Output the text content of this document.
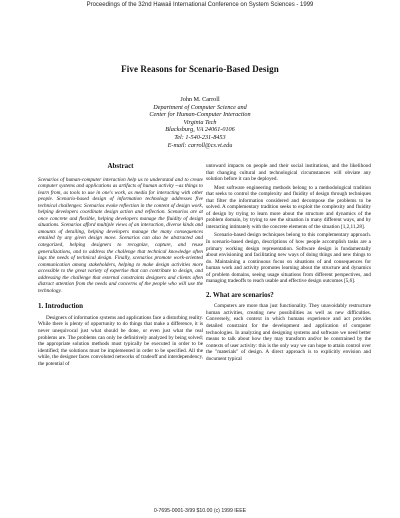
Proceedings of the 32nd Hawaii International Conference on System Sciences - 1999
Five Reasons for Scenario-Based Design
John M. Carroll
Department of Computer Science and
Center for Human-Computer Interaction
Virginia Tech
Blacksburg, VA 24061-0106
Tel: 1-540-231-8453
E-mail: carroll@cs.vt.edu
Abstract

Scenarios of human-computer interaction help us to understand and to create computer systems and applications as artifacts of human activity --as things to learn from, as tools to use in one's work, as media for interacting with other people. Scenario-based design of information technology addresses five technical challenges: Scenarios evoke reflection in the content of design work, helping developers coordinate design action and reflection. Scenarios are at once concrete and flexible, helping developers manage the fluidity of design situations. Scenarios afford multiple views of an interaction, diverse kinds and amounts of detailing, helping developers manage the many consequences entailed by any given design move. Scenarios can also be abstracted and categorized, helping designers to recognize, capture, and reuse generalizations, and to address the challenge that technical knowledge often lags the needs of technical design. Finally, scenarios promote work-oriented communication among stakeholders, helping to make design activities more accessible to the great variety of expertise that can contribute to design, and addressing the challenge that external constraints designers and clients often distract attention from the needs and concerns of the people who will use the technology.

1. Introduction

Designers of information systems and applications face a disturbing reality. While there is plenty of opportunity to do things that make a difference, it is never unequivocal just what should be done, or even just what the real problems are. The problems can only be definitively analyzed by being solved; the appropriate solution methods must typically be executed in order to be identified; the solutions must be implemented in order to be specified. All the while, the designer faces convoluted networks of tradeoff and interdependency, the potential of

untoward impacts on people and their social institutions, and the likelihood that changing cultural and technological circumstances will obviate any solution before it can be deployed.

Most software engineering methods belong to a methodological tradition that seeks to control the complexity and fluidity of design through techniques that filter the information considered and decompose the problems to be solved. A complementary tradition seeks to exploit the complexity and fluidity of design by trying to learn more about the structure and dynamics of the problem domain, by trying to see the situation in many different ways, and by interacting intimately with the concrete elements of the situation [1,2,11,28].

Scenario-based design techniques belong to this complementary approach. In scenario-based design, descriptions of how people accomplish tasks are a primary working design representation. Software design is fundamentally about envisioning and facilitating new ways of doing things and new things to do. Maintaining a continuous focus on situations of and consequences for human work and activity promotes learning about the structure and dynamics of problem domains, seeing usage situations from different perspectives, and managing tradeoffs to reach usable and effective design outcomes [5,6].

2. What are scenarios?

Computers are more than just functionality. They unavoidably restructure human activities, creating new possibilities as well as new difficulties. Conversely, each context in which humans experience and act provides detailed constraint for the development and application of computer technologies. In analyzing and designing systems and software we need better means to talk about how they may transform and/or be constrained by the contexts of user activity: this is the only way we can hope to attain control over the "materials" of design. A direct approach is to explicitly envision and document typical

0-7695-0001-3/99 $10.00 (c) 1999 IEEE
